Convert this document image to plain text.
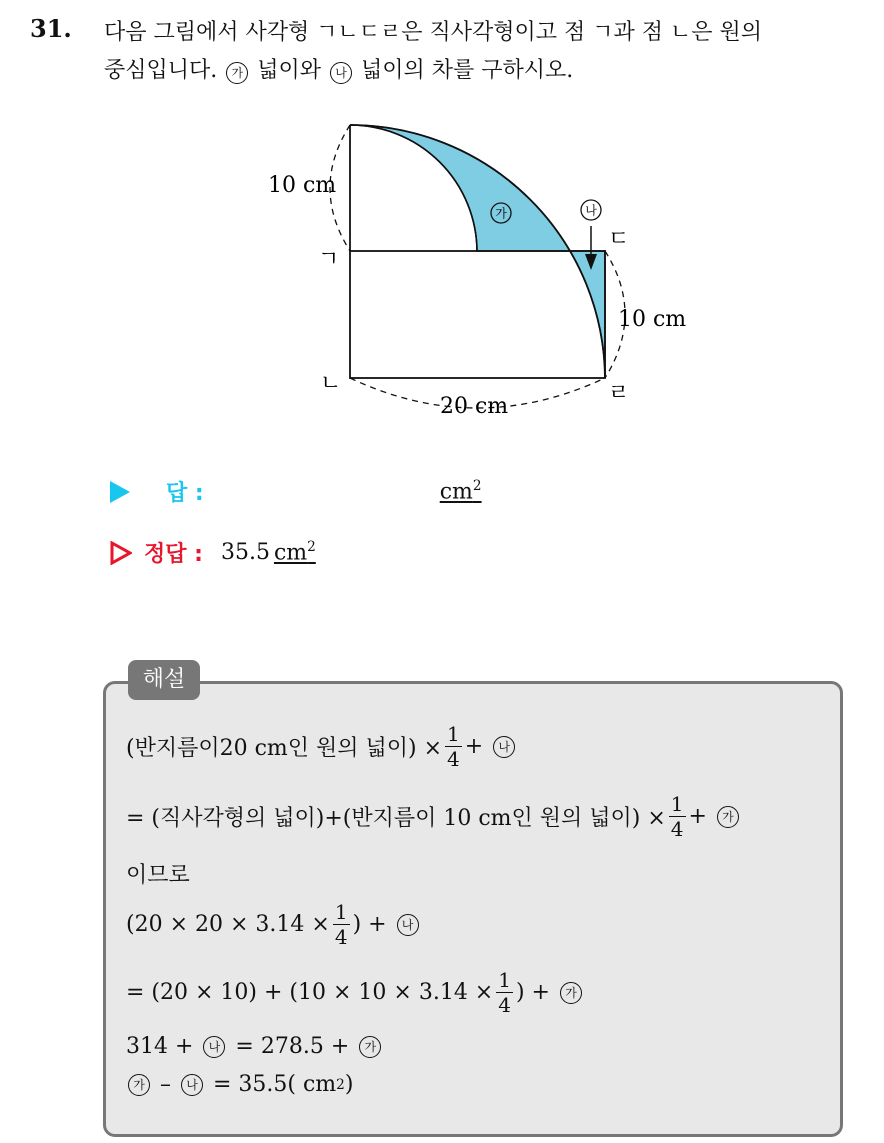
31. 다음 그림에서 사각형 ㄱㄴㄷㄹ은 직사각형이고 점 ㄱ과 점 ㄴ은 원의
중심입니다. 가 넓이와 나 넓이의 차를 구하시오.
가	나
10 cm
10 cm
20 cm
ㄱ
ㄴ
ㄷ
ㄹ
답 :	$cm^2$
정답 : 35.5 $cm^2$
해설
(반지름이20 cm인 원의 넓이) × $\frac{1}{4}$ +	나
= (직사각형의 넓이)+(반지름이 10 cm인 원의 넓이) × $\frac{1}{4}$ +	가
이므로
($20 \times 20 \times 3.14 \times \frac{1}{4}$ ) +	나
= $(20 \times 10) + (10 \times 10 \times 3.14 \times \frac{1}{4}$ ) +	가
314 +	나 = 278.5 +	가
가 –	나 = 35.5( cm 2 )
